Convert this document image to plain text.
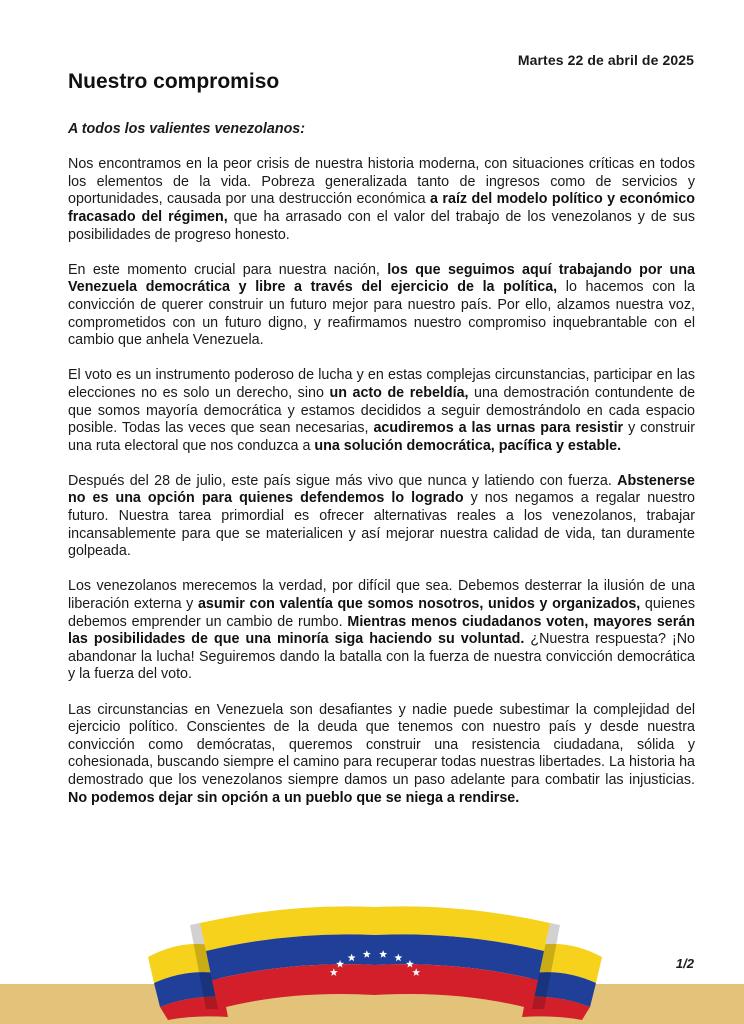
Martes 22 de abril de 2025
Nuestro compromiso

A todos los valientes venezolanos:

Nos encontramos en la peor crisis de nuestra historia moderna, con situaciones críticas en todos los elementos de la vida. Pobreza generalizada tanto de ingresos como de servicios y oportunidades, causada por una destrucción económica a raíz del modelo político y económico fracasado del régimen, que ha arrasado con el valor del trabajo de los venezolanos y de sus posibilidades de progreso honesto.

En este momento crucial para nuestra nación, los que seguimos aquí trabajando por una Venezuela democrática y libre a través del ejercicio de la política, lo hacemos con la convicción de querer construir un futuro mejor para nuestro país. Por ello, alzamos nuestra voz, comprometidos con un futuro digno, y reafirmamos nuestro compromiso inquebrantable con el cambio que anhela Venezuela.

El voto es un instrumento poderoso de lucha y en estas complejas circunstancias, participar en las elecciones no es solo un derecho, sino un acto de rebeldía, una demostración contundente de que somos mayoría democrática y estamos decididos a seguir demostrándolo en cada espacio posible. Todas las veces que sean necesarias, acudiremos a las urnas para resistir y construir una ruta electoral que nos conduzca a una solución democrática, pacífica y estable.

Después del 28 de julio, este país sigue más vivo que nunca y latiendo con fuerza. Abstenerse no es una opción para quienes defendemos lo logrado y nos negamos a regalar nuestro futuro. Nuestra tarea primordial es ofrecer alternativas reales a los venezolanos, trabajar incansablemente para que se materialicen y así mejorar nuestra calidad de vida, tan duramente golpeada.

Los venezolanos merecemos la verdad, por difícil que sea. Debemos desterrar la ilusión de una liberación externa y asumir con valentía que somos nosotros, unidos y organizados, quienes debemos emprender un cambio de rumbo. Mientras menos ciudadanos voten, mayores serán las posibilidades de que una minoría siga haciendo su voluntad. ¿Nuestra respuesta? ¡No abandonar la lucha! Seguiremos dando la batalla con la fuerza de nuestra convicción democrática y la fuerza del voto.

Las circunstancias en Venezuela son desafiantes y nadie puede subestimar la complejidad del ejercicio político. Conscientes de la deuda que tenemos con nuestro país y desde nuestra convicción como demócratas, queremos construir una resistencia ciudadana, sólida y cohesionada, buscando siempre el camino para recuperar todas nuestras libertades. La historia ha demostrado que los venezolanos siempre damos un paso adelante para combatir las injusticias. No podemos dejar sin opción a un pueblo que se niega a rendirse.

1/2
